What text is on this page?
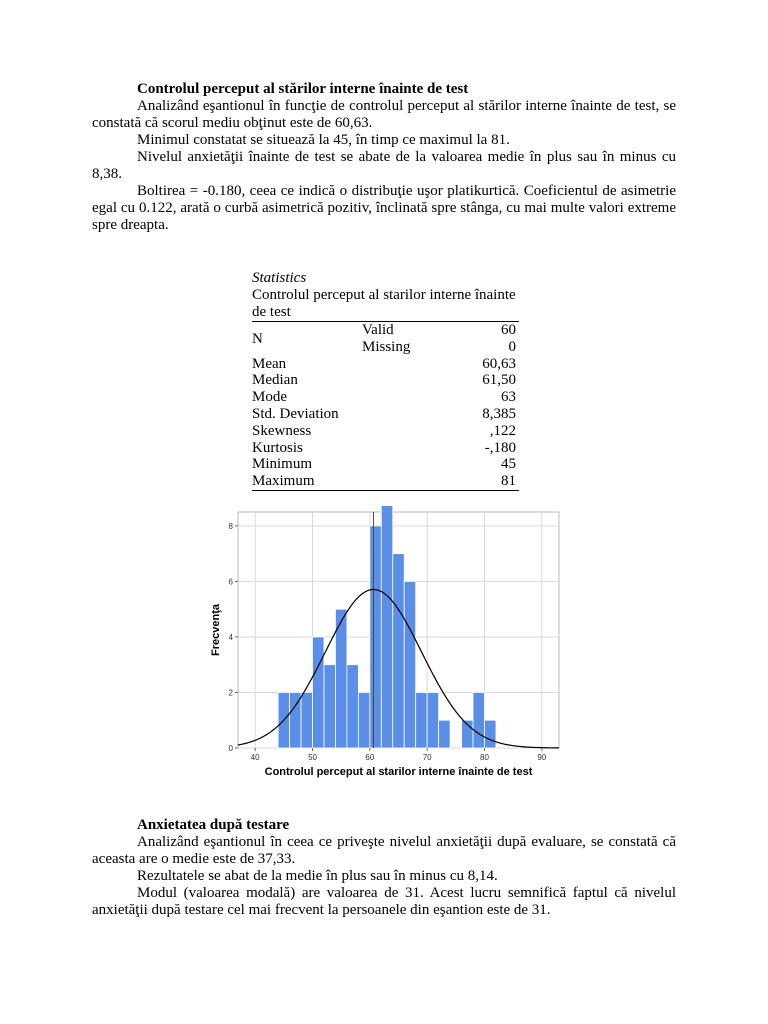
Controlul perceput al stărilor interne înainte de test

Analizând eşantionul în funcţie de controlul perceput al stărilor interne înainte de test, se constată că scorul mediu obţinut este de 60,63.

Minimul constatat se situează la 45, în timp ce maximul la 81.

Nivelul anxietăţii înainte de test se abate de la valoarea medie în plus sau în minus cu 8,38.

Boltirea = -0.180, ceea ce indică o distribuţie uşor platikurtică. Coeficientul de asimetrie egal cu 0.122, arată o curbă asimetrică pozitiv, înclinată spre stânga, cu mai multe valori extreme spre dreapta.

Statistics
Controlul perceput al starilor interne înainte de test
N	Valid	60
	Missing	0
Mean		60,63
Median		61,50
Mode		63
Std. Deviation		8,385
Skewness		,122
Kurtosis		-,180
Minimum		45
Maximum		81
40	50	60	70	80	90
0
2
4
6
8
Controlul perceput al starilor interne înainte de test
Frecvenţa
Anxietatea după testare

Analizând eşantionul în ceea ce priveşte nivelul anxietăţii după evaluare, se constată că aceasta are o medie este de 37,33.

Rezultatele se abat de la medie în plus sau în minus cu 8,14.

Modul (valoarea modală) are valoarea de 31. Acest lucru semnifică faptul că nivelul anxietăţii după testare cel mai frecvent la persoanele din eşantion este de 31.
